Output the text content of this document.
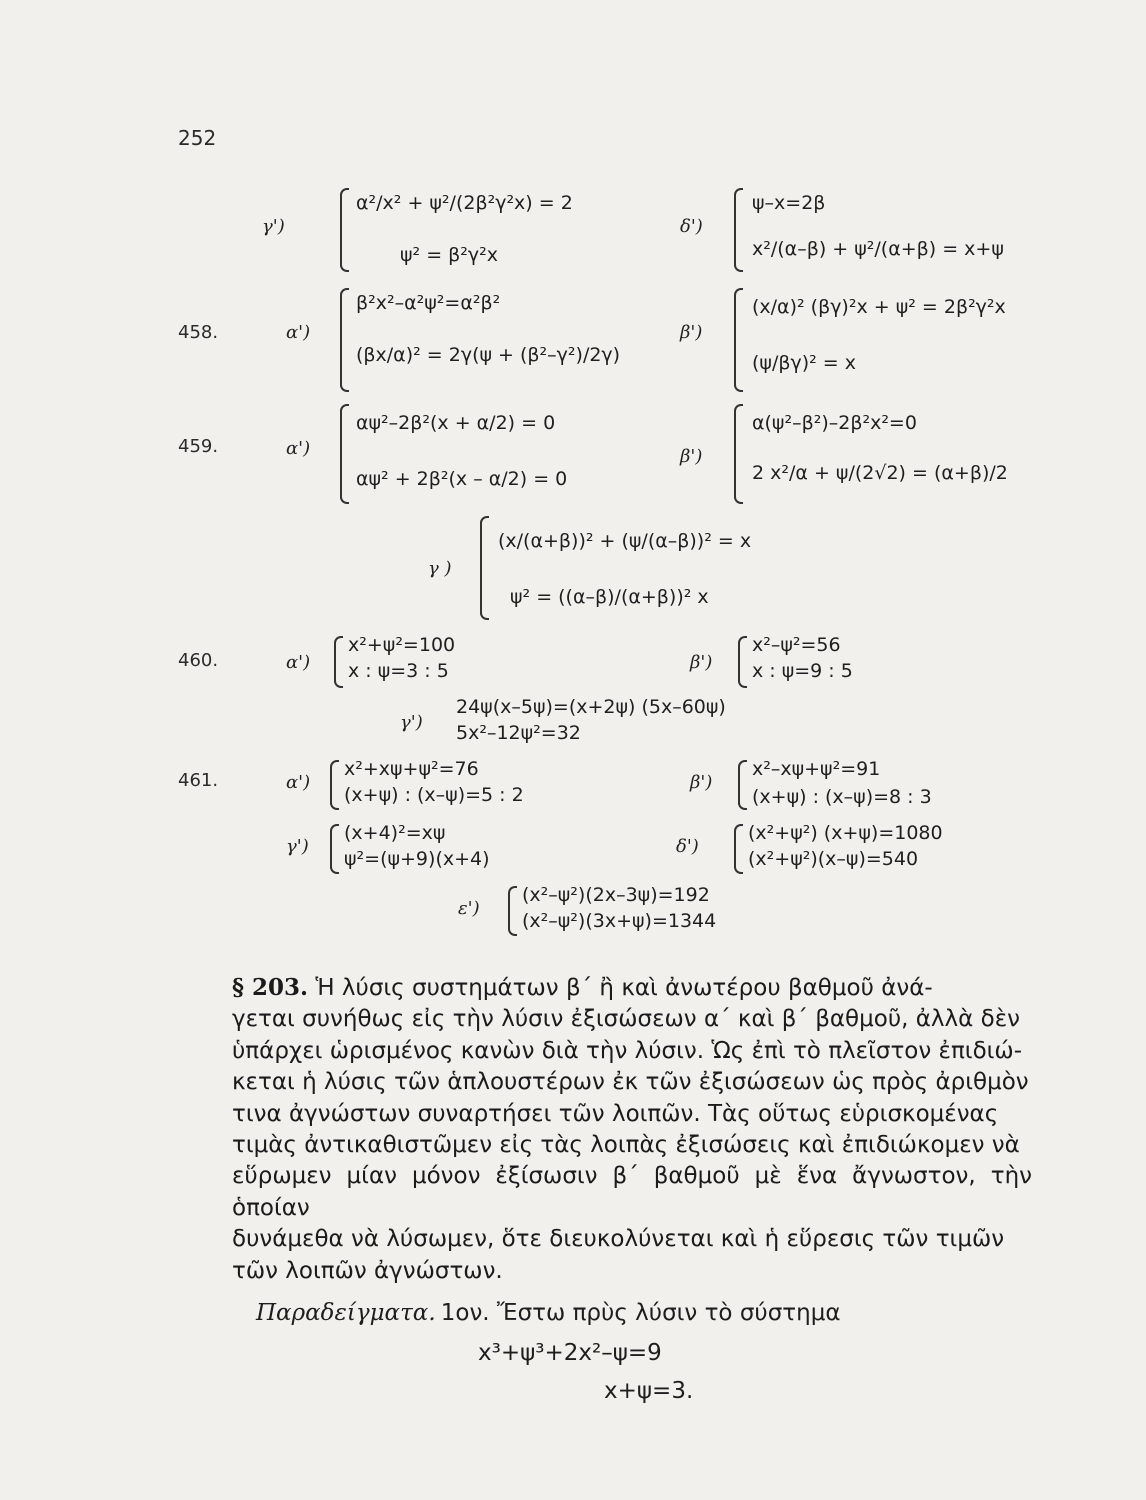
252
γ')
α²/x² + ψ²/(2β²γ²x) = 2
ψ² = β²γ²x
δ')
ψ–x=2β
x²/(α–β) + ψ²/(α+β) = x+ψ
458.	α')
β²x²–α²ψ²=α²β²
(βx/α)² = 2γ(ψ + (β²–γ²)/2γ)
β')
(x/α)² (βγ)²x + ψ² = 2β²γ²x
(ψ/βγ)² = x
459.	α')
αψ²–2β²(x + α/2) = 0
αψ² + 2β²(x – α/2) = 0
β')
α(ψ²–β²)–2β²x²=0
2 x²/α + ψ/(2√2) = (α+β)/2
γ )
(x/(α+β))² + (ψ/(α–β))² = x
ψ² = ((α–β)/(α+β))² x
460.	α')
x²+ψ²=100
x : ψ=3 : 5	β')
x²–ψ²=56
x : ψ=9 : 5
γ')
24ψ(x–5ψ)=(x+2ψ) (5x–60ψ)
5x²–12ψ²=32
461.	α')
x²+xψ+ψ²=76
(x+ψ) : (x–ψ)=5 : 2
β')
x²–xψ+ψ²=91
(x+ψ) : (x–ψ)=8 : 3
γ')
(x+4)²=xψ
ψ²=(ψ+9)(x+4)
δ')
(x²+ψ²) (x+ψ)=1080
(x²+ψ²)(x–ψ)=540
ε')
(x²–ψ²)(2x–3ψ)=192
(x²–ψ²)(3x+ψ)=1344
§ 203. Ἡ λύσις συστημάτων β΄ ἢ καὶ ἀνωτέρου βαθμοῦ ἀνά-
γεται συνήθως εἰς τὴν λύσιν ἐξισώσεων α΄ καὶ β΄ βαθμοῦ, ἀλλὰ δὲν
ὑπάρχει ὡρισμένος κανὼν διὰ τὴν λύσιν. Ὡς ἐπὶ τὸ πλεῖστον ἐπιδιώ-
κεται ἡ λύσις τῶν ἁπλουστέρων ἐκ τῶν ἐξισώσεων ὡς πρὸς ἀριθμὸν
τινα ἀγνώστων συναρτήσει τῶν λοιπῶν. Τὰς οὕτως εὑρισκομένας
τιμὰς ἀντικαθιστῶμεν εἰς τὰς λοιπὰς ἐξισώσεις καὶ ἐπιδιώκομεν νὰ
εὕρωμεν μίαν μόνον ἐξίσωσιν β΄ βαθμοῦ μὲ ἕνα ἄγνωστον, τὴν ὁποίαν
δυνάμεθα νὰ λύσωμεν, ὅτε διευκολύνεται καὶ ἡ εὕρεσις τῶν τιμῶν
τῶν λοιπῶν ἀγνώστων.
Παραδείγματα. 1ον. Ἔστω πρὺς λύσιν τὸ σύστημα
x³+ψ³+2x²–ψ=9
x+ψ=3.
